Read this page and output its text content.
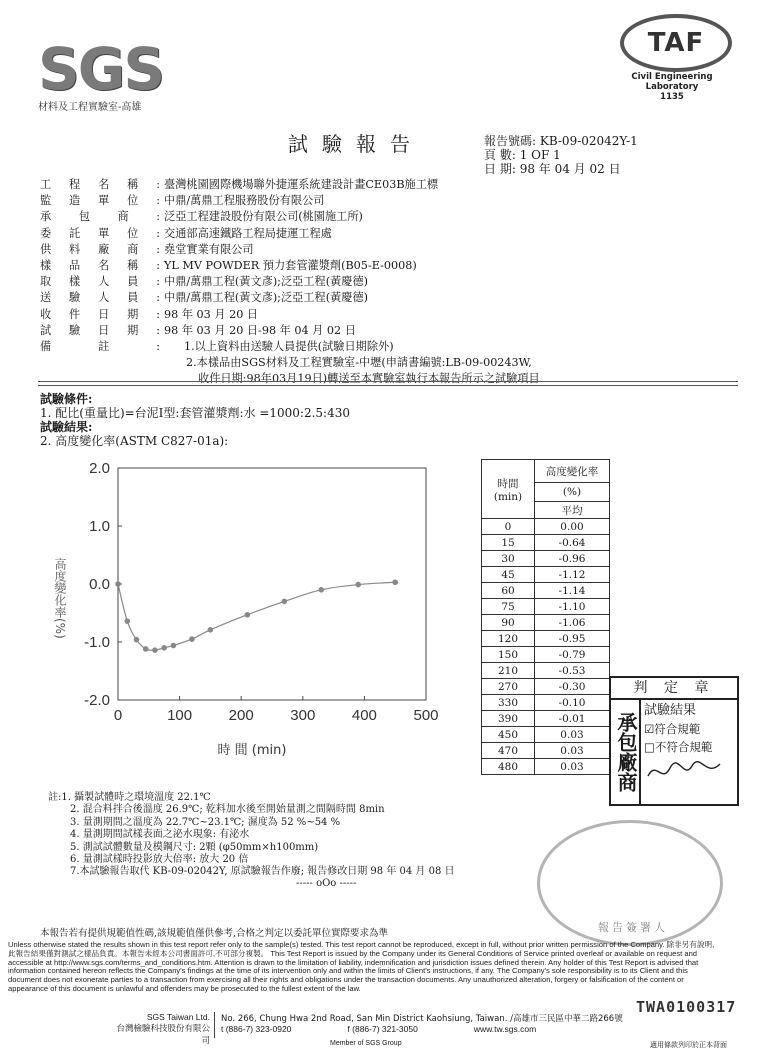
SGS
材料及工程實驗室-高雄
TAF
Civil Engineering
Laboratory
1135
試驗報告	報告號碼: KB-09-02042Y-1
頁 數: 1 OF 1
日 期: 98 年 04 月 02 日
工 程 名 稱 : 臺灣桃園國際機場聯外捷運系統建設計畫CE03B施工標
監 造 單 位 : 中鼎/萬鼎工程服務股份有限公司
承 包 商 : 泛亞工程建設股份有限公司(桃園施工所)
委 託 單 位 : 交通部高速鐵路工程局捷運工程處
供 料 廠 商 : 堯堂實業有限公司
樣 品 名 稱 : YL MV POWDER 預力套管灌漿劑(B05-E-0008)
取 樣 人 員 : 中鼎/萬鼎工程(黃文彥);泛亞工程(黃慶德)
送 驗 人 員 : 中鼎/萬鼎工程(黃文彥);泛亞工程(黃慶德)
收 件 日 期 : 98 年 03 月 20 日
試 驗 日 期 : 98 年 03 月 20 日-98 年 04 月 02 日
備	註	:	1.以上資料由送驗人員提供(試驗日期除外)
2.本樣品由SGS材料及工程實驗室-中壢(申請書編號:LB-09-00243W,
收件日期:98年03月19日)轉送至本實驗室執行本報告所示之試驗項目
試驗條件:
1. 配比(重量比)=台泥Ⅰ型:套管灌漿劑:水 =1000:2.5:430
試驗結果:
2. 高度變化率(ASTM C827-01a):
2.0
1.0
0.0
-1.0
-2.0
0	100 200 300 400 500
時 間 (min)
高度變化率(%)
時間
(min)	高度變化率
	(%)
	平均
0	0.00
15	-0.64
30	-0.96
45	-1.12
60	-1.14
75	-1.10
90	-1.06
120	-0.95
150	-0.79
210	-0.53
270	-0.30
330	-0.10
390	-0.01
450	0.03
470	0.03
480	0.03
判 定 章
承包廠商
試驗結果
☑符合規範
□不符合規範
註:1. 攝製試體時之環境溫度 22.1℃
2. 混合料拌合後溫度 26.9℃; 乾料加水後至開始量測之間隔時間 8min
3. 量測期間之溫度為 22.7℃~23.1℃; 濕度為 52 %~54 %
4. 量測期間試樣表面之泌水現象: 有泌水
5. 測試試體數量及模鋼尺寸: 2顆 (φ50mm×h100mm)
6. 量測試樣時投影放大倍率: 放大 20 倍
7.本試驗報告取代 KB-09-02042Y, 原試驗報告作廢; 報告修改日期 98 年 04 月 08 日
----- oOo -----
報告簽署人
本報告若有提供規範值性碼,該規範值僅供參考,合格之判定以委託單位實際要求為準
Unless otherwise stated the results shown in this test report refer only to the sample(s) tested. This test report cannot be reproduced, except in full, without prior written permission of the Company. 除非另有說明,此報告結果僅對測試之樣品負責。本報告未經本公司書面許可,不可部分複製。 This Test Report is issued by the Company under its General Conditions of Service printed overleaf or available on request and accessible at http://www.sgs.com/terms_and_conditions.htm. Attention is drawn to the limitation of liability, indemnification and jurisdiction issues defined therein. Any holder of this Test Report is advised that information contained hereon reflects the Company's findings at the time of its intervention only and within the limits of Client's instructions, if any. The Company's sole responsibility is to its Client and this document does not exonerate parties to a transaction from exercising all their rights and obligations under the transaction documents. Any unauthorized alteration, forgery or falsification of the content or appearance of this document is unlawful and offenders may be prosecuted to the fullest extent of the law.
TWA0100317
SGS Taiwan Ltd.
台灣檢驗科技股份有限公司
No. 266, Chung Hwa 2nd Road, San Min District Kaohsiung, Taiwan. /高雄市三民區中華二路266號
t (886-7) 323-0920	f (886-7) 321-3050	www.tw.sgs.com
Member of SGS Group	適用條款列印於正本背面
